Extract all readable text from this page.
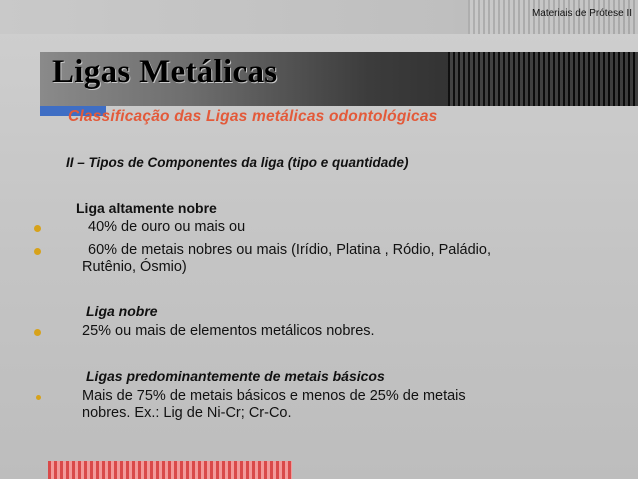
Materiais de Prótese II
Ligas Metálicas

Classificação das Ligas metálicas odontológicas

II – Tipos de Componentes da liga (tipo e quantidade)

Liga altamente nobre

40% de ouro ou mais ou

60% de metais nobres ou mais (Irídio, Platina , Ródio, Paládio,

Rutênio, Ósmio)

Liga nobre

25% ou mais de elementos metálicos nobres.

Ligas predominantemente de metais básicos

Mais de 75% de metais básicos e menos de 25% de metais

nobres. Ex.: Lig de Ni-Cr; Cr-Co.
